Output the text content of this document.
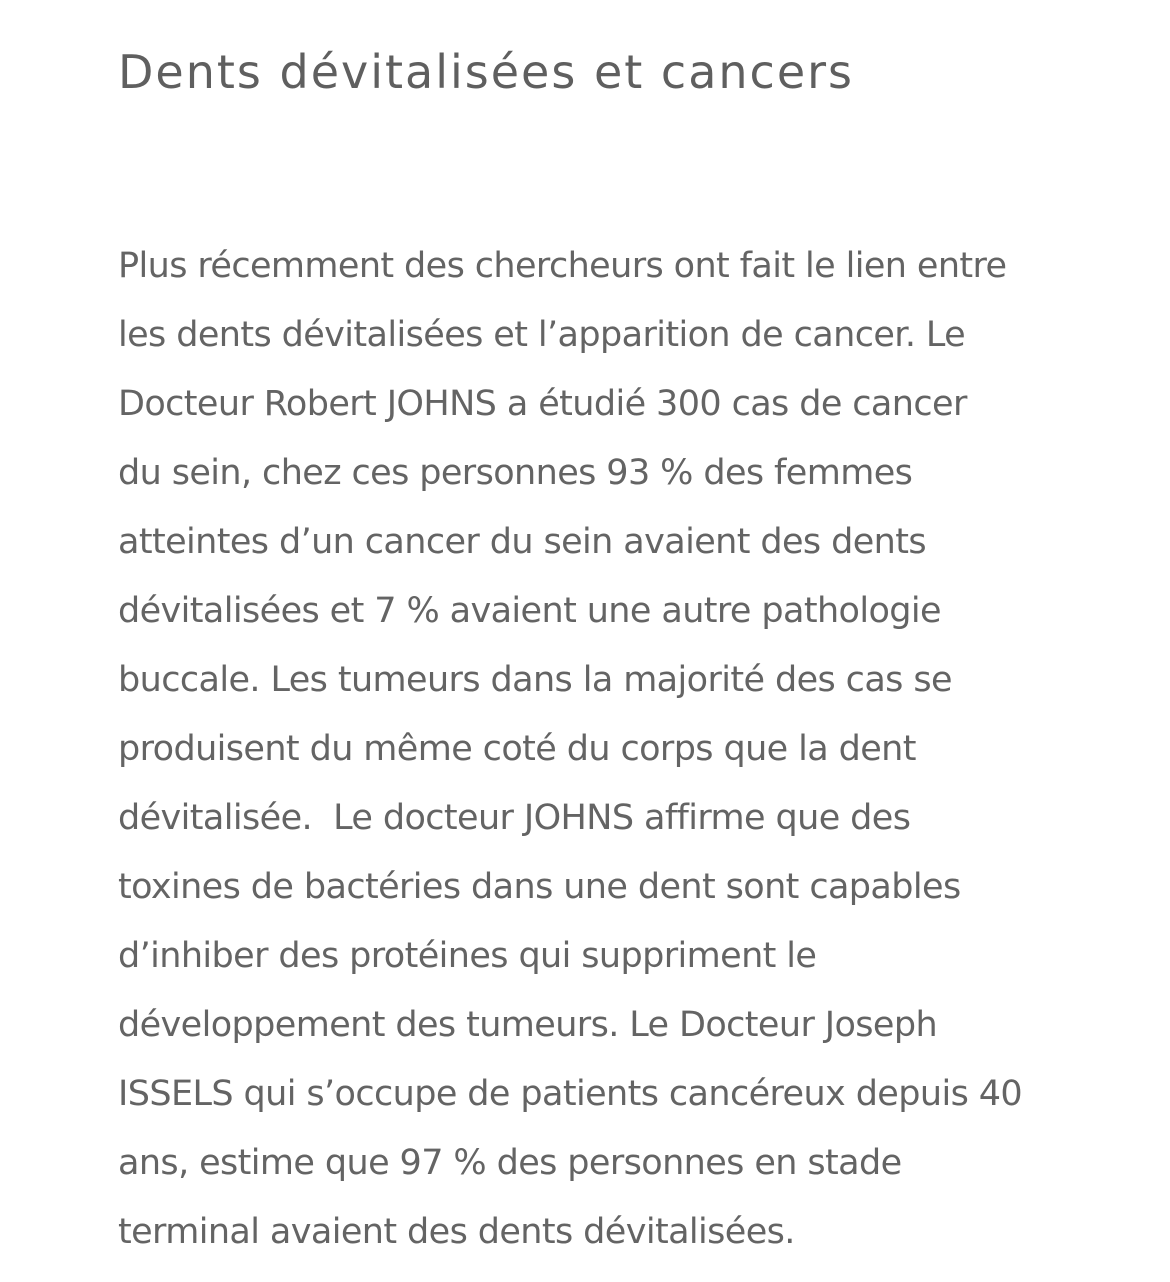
Dents dévitalisées et cancers
Plus récemment des chercheurs ont fait le lien entre
les dents dévitalisées et l’apparition de cancer. Le
Docteur Robert JOHNS a étudié 300 cas de cancer
du sein, chez ces personnes 93 % des femmes
atteintes d’un cancer du sein avaient des dents
dévitalisées et 7 % avaient une autre pathologie
buccale. Les tumeurs dans la majorité des cas se
produisent du même coté du corps que la dent
dévitalisée.  Le docteur JOHNS affirme que des
toxines de bactéries dans une dent sont capables
d’inhiber des protéines qui suppriment le
développement des tumeurs. Le Docteur Joseph
ISSELS qui s’occupe de patients cancéreux depuis 40
ans, estime que 97 % des personnes en stade
terminal avaient des dents dévitalisées.
